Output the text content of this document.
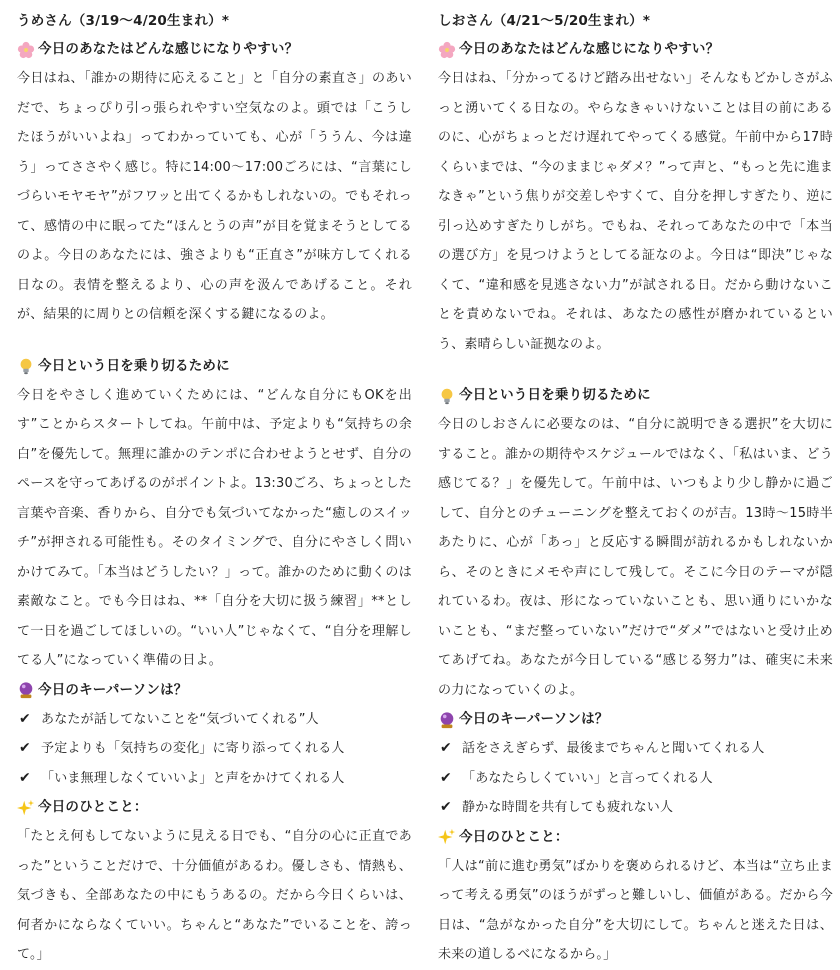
うめさん（3/19〜4/20生まれ）*

今日のあなたはどんな感じになりやすい？

今日はね、「誰かの期待に応えること」と「自分の素直さ」のあいだで、ちょっぴり引っ張られやすい空気なのよ。頭では「こうしたほうがいいよね」ってわかっていても、心が「ううん、今は違う」ってささやく感じ。特に14:00〜17:00ごろには、“言葉にしづらいモヤモヤ”がフワッと出てくるかもしれないの。でもそれって、感情の中に眠ってた“ほんとうの声”が目を覚まそうとしてるのよ。今日のあなたには、強さよりも“正直さ”が味方してくれる日なの。表情を整えるより、心の声を汲んであげること。それが、結果的に周りとの信頼を深くする鍵になるのよ。

今日という日を乗り切るために

今日をやさしく進めていくためには、“どんな自分にもOKを出す”ことからスタートしてね。午前中は、予定よりも“気持ちの余白”を優先して。無理に誰かのテンポに合わせようとせず、自分のペースを守ってあげるのがポイントよ。13:30ごろ、ちょっとした言葉や音楽、香りから、自分でも気づいてなかった“癒しのスイッチ”が押される可能性も。そのタイミングで、自分にやさしく問いかけてみて。「本当はどうしたい？」って。誰かのために動くのは素敵なこと。でも今日はね、**「自分を大切に扱う練習」**として一日を過ごしてほしいの。“いい人”じゃなくて、“自分を理解してる人”になっていく準備の日よ。

今日のキーパーソンは？

✔ あなたが話してないことを“気づいてくれる”人
✔ 予定よりも「気持ちの変化」に寄り添ってくれる人
✔ 「いま無理しなくていいよ」と声をかけてくれる人

今日のひとこと：

「たとえ何もしてないように見える日でも、“自分の心に正直であった”ということだけで、十分価値があるわ。優しさも、情熱も、気づきも、全部あなたの中にもうあるの。だから今日くらいは、何者かにならなくていい。ちゃんと“あなた”でいることを、誇って。」

しおさん（4/21〜5/20生まれ）*

今日のあなたはどんな感じになりやすい？

今日はね、「分かってるけど踏み出せない」そんなもどかしさがふっと湧いてくる日なの。やらなきゃいけないことは目の前にあるのに、心がちょっとだけ遅れてやってくる感覚。午前中から17時くらいまでは、“今のままじゃダメ？”って声と、“もっと先に進まなきゃ”という焦りが交差しやすくて、自分を押しすぎたり、逆に引っ込めすぎたりしがち。でもね、それってあなたの中で「本当の選び方」を見つけようとしてる証なのよ。今日は“即決”じゃなくて、“違和感を見逃さない力”が試される日。だから動けないことを責めないでね。それは、あなたの感性が磨かれているという、素晴らしい証拠なのよ。

今日という日を乗り切るために

今日のしおさんに必要なのは、“自分に説明できる選択”を大切にすること。誰かの期待やスケジュールではなく、「私はいま、どう感じてる？」を優先して。午前中は、いつもより少し静かに過ごして、自分とのチューニングを整えておくのが吉。13時〜15時半あたりに、心が「あっ」と反応する瞬間が訪れるかもしれないから、そのときにメモや声にして残して。そこに今日のテーマが隠れているわ。夜は、形になっていないことも、思い通りにいかないことも、“まだ整っていない”だけで“ダメ”ではないと受け止めてあげてね。あなたが今日している“感じる努力”は、確実に未来の力になっていくのよ。

今日のキーパーソンは？

✔ 話をさえぎらず、最後までちゃんと聞いてくれる人
✔ 「あなたらしくていい」と言ってくれる人
✔ 静かな時間を共有しても疲れない人

今日のひとこと：

「人は“前に進む勇気”ばかりを褒められるけど、本当は“立ち止まって考える勇気”のほうがずっと難しいし、価値がある。だから今日は、“急がなかった自分”を大切にして。ちゃんと迷えた日は、未来の道しるべになるから。」
